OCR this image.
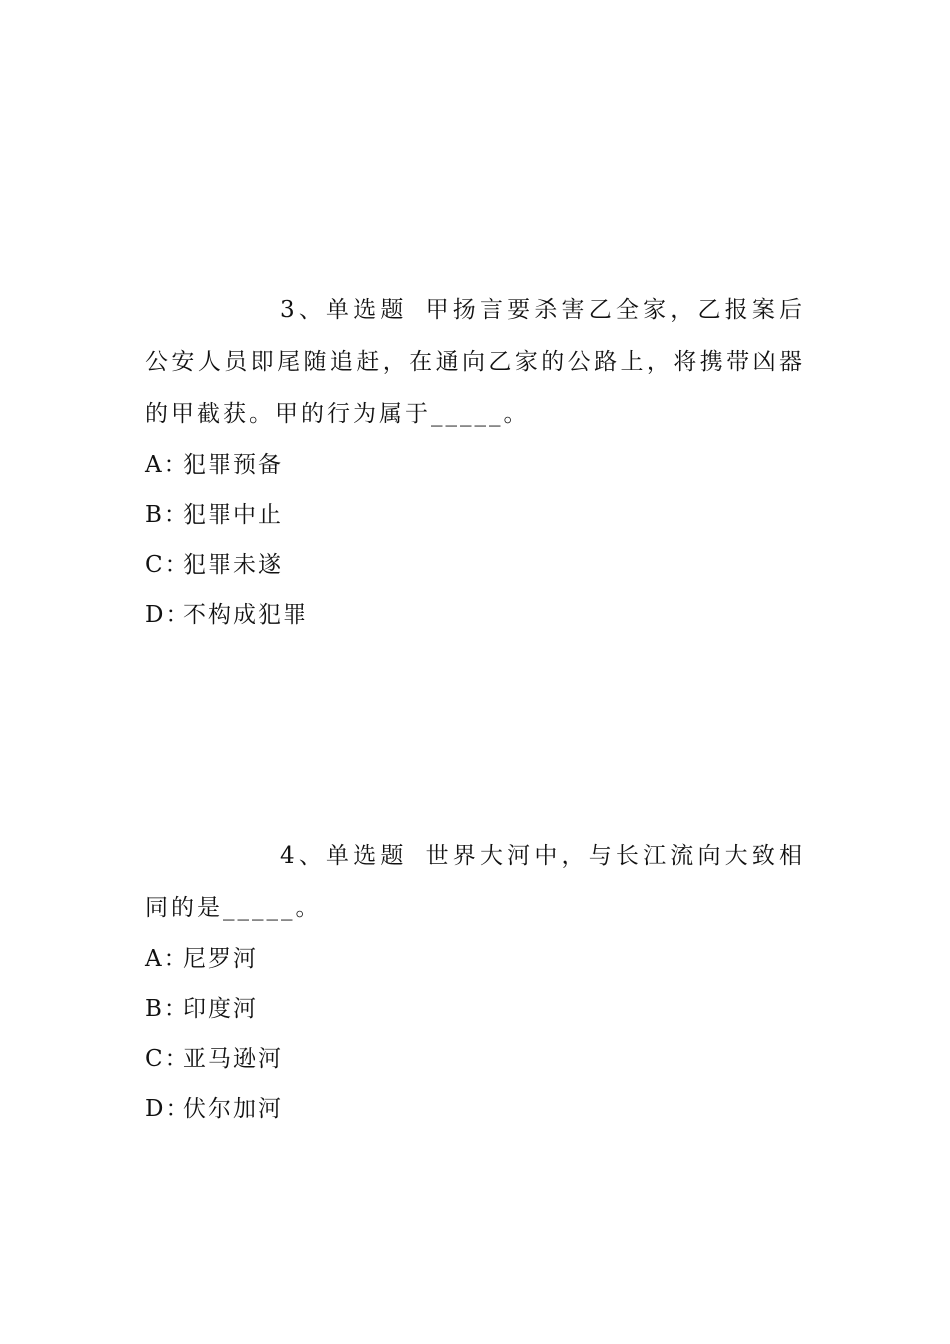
3、单选题 甲扬言要杀害乙全家，乙报案后公安人员即尾随追赶，在通向乙家的公路上，将携带凶器的甲截获。甲的行为属于_____。

A：犯罪预备
B：犯罪中止
C：犯罪未遂
D：不构成犯罪

4、单选题 世界大河中，与长江流向大致相同的是_____。

A：尼罗河
B：印度河
C：亚马逊河
D：伏尔加河
